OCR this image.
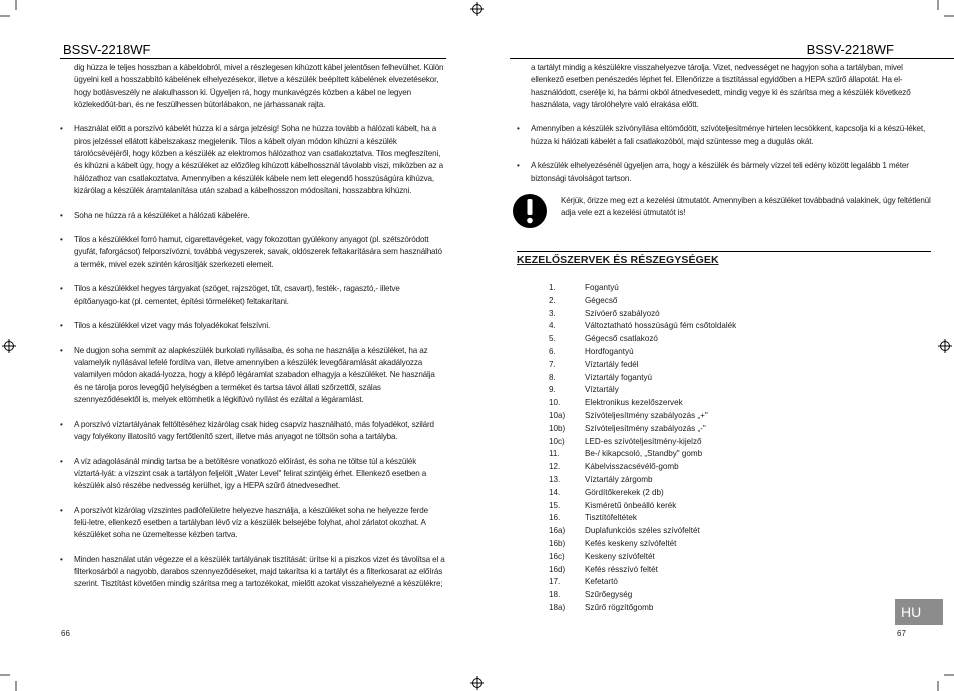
BSSV-2218WF

dig húzza le teljes hosszban a kábeldobról, mivel a részlegesen kihúzott kábel jelentősen felhevülhet. Külön ügyelni kell a hosszabbító kábelének elhelyezésekor, illetve a készülék beépített kábelének elvezetésekor, hogy botlásveszély ne alakulhasson ki. Ügyeljen rá, hogy munkavégzés közben a kábel ne legyen közlekedőút-ban, és ne feszülhessen bútorlábakon, ne járhassanak rajta.

• Használat előtt a porszívó kábelét húzza ki a sárga jelzésig! Soha ne húzza tovább a hálózati kábelt, ha a piros jelzéssel ellátott kábelszakasz megjelenik. Tilos a kábelt olyan módon kihúzni a készülék tárolócsévéjéről, hogy közben a készülék az elektromos hálózathoz van csatlakoztatva. Tilos megfeszíteni, és kihúzni a kábelt úgy, hogy a készüléket az előzőleg kihúzott kábelhossznál távolabb viszi, miközben az a hálózathoz van csatlakoztatva. Amennyiben a készülék kábele nem lett elegendő hosszúságúra kihúzva, kizárólag a készülék áramtalanítása után szabad a kábelhosszon módosítani, hosszabbra kihúzni.

• Soha ne húzza rá a készüléket a hálózati kábelére.

• Tilos a készülékkel forró hamut, cigarettavégeket, vagy fokozottan gyúlékony anyagot (pl. szétszóródott gyufát, faforgácsot) felporszívózni, továbbá vegyszerek, savak, oldószerek feltakarítására sem használható a termék, mivel ezek szintén károsítják szerkezeti elemeit.

• Tilos a készülékkel hegyes tárgyakat (szöget, rajzszöget, tűt, csavart), festék-, ragasztó,- illetve építőanyago-kat (pl. cementet, építési törmeléket) feltakarítani.

• Tilos a készülékkel vizet vagy más folyadékokat felszívni.

• Ne dugjon soha semmit az alapkészülék burkolati nyílásaiba, és soha ne használja a készüléket, ha az valamelyik nyílásával lefelé fordítva van, illetve amennyiben a készülék levegőáramlását akadályozza valamilyen módon akadá-lyozza, hogy a kilépő légáramlat szabadon elhagyja a készüléket. Ne használja és ne tárolja poros levegőjű helyiségben a terméket és tartsa távol állati szőrzettől, szálas szennyeződésektől is, melyek eltömhetik a légkifúvó nyílást és ezáltal a légáramlást.

• A porszívó víztartályának feltöltéséhez kizárólag csak hideg csapvíz használható, más folyadékot, szilárd vagy folyékony illatosító vagy fertőtlenítő szert, illetve más anyagot ne töltsön soha a tartályba.

• A víz adagolásánál mindig tartsa be a betöltésre vonatkozó előírást, és soha ne töltse túl a készülék víztartá-lyát: a vízszint csak a tartályon feljelölt „Water Level" felirat szintjéig érhet. Ellenkező esetben a készülék alsó részébe nedvesség kerülhet, így a HEPA szűrő átnedvesedhet.

• A porszívót kizárólag vízszintes padlófelületre helyezve használja, a készüléket soha ne helyezze ferde felü-letre, ellenkező esetben a tartályban lévő víz a készülék belsejébe folyhat, ahol zárlatot okozhat. A készüléket soha ne üzemeltesse kézben tartva.

• Minden használat után végezze el a készülék tartályának tisztítását: ürítse ki a piszkos vizet és távolítsa el a filterkosárból a nagyobb, darabos szennyeződéseket, majd takarítsa ki a tartályt és a filterkosarat az előírás szerint. Tisztítást követően mindig szárítsa meg a tartozékokat, mielőtt azokat visszahelyezné a készülékre;

66
BSSV-2218WF

a tartályt mindig a készülékre visszahelyezve tárolja. Vizet, nedvességet ne hagyjon soha a tartályban, mivel ellenkező esetben penészedés léphet fel. Ellenőrizze a tisztítással egyidőben a HEPA szűrő állapotát. Ha el-használódott, cserélje ki, ha bármi okból átnedvesedett, mindig vegye ki és szárítsa meg a készülék következő használata, vagy tárolóhelyre való elrakása előtt.

• Amennyiben a készülék szívónyílása eltömődött, szívóteljesítménye hirtelen lecsökkent, kapcsolja ki a készü-léket, húzza ki hálózati kábelét a fali csatlakozóból, majd szüntesse meg a dugulás okát.

• A készülék elhelyezésénél ügyeljen arra, hogy a készülék és bármely vízzel teli edény között legalább 1 méter biztonsági távolságot tartson.

Kérjük, őrizze meg ezt a kezelési útmutatót. Amennyiben a készüléket továbbadná valakinek, úgy feltétlenül adja vele ezt a kezelési útmutatót is!
KEZELŐSZERVEK ÉS RÉSZEGYSÉGEK
1.	Fogantyú
2.	Gégecső
3.	Szívóerő szabályozó
4.	Változtatható hosszúságú fém csőtoldalék
5.	Gégecső csatlakozó
6.	Hordfogantyú
7.	Víztartály fedél
8.	Víztartály fogantyú
9.	Víztartály
10.	Elektronikus kezelőszervek
10a)	Szívóteljesítmény szabályozás „+"
10b)	Szívóteljesítmény szabályozás „-"
10c)	LED-es szívóteljesítmény-kijelző
11.	Be-/ kikapcsoló, „Standby" gomb
12.	Kábelvisszacsévélő-gomb
13.	Víztartály zárgomb
14.	Gördítőkerekek (2 db)
15.	Kisméretű önbeálló kerék
16.	Tisztítófeltétek
16a)	Duplafunkciós széles szívófeltét
16b)	Kefés keskeny szívófeltét
16c)	Keskeny szívófeltét
16d)	Kefés résszívó feltét
17.	Kefetartó
18.	Szűrőegység
18a)	Szűrő rögzítőgomb	HU
67
